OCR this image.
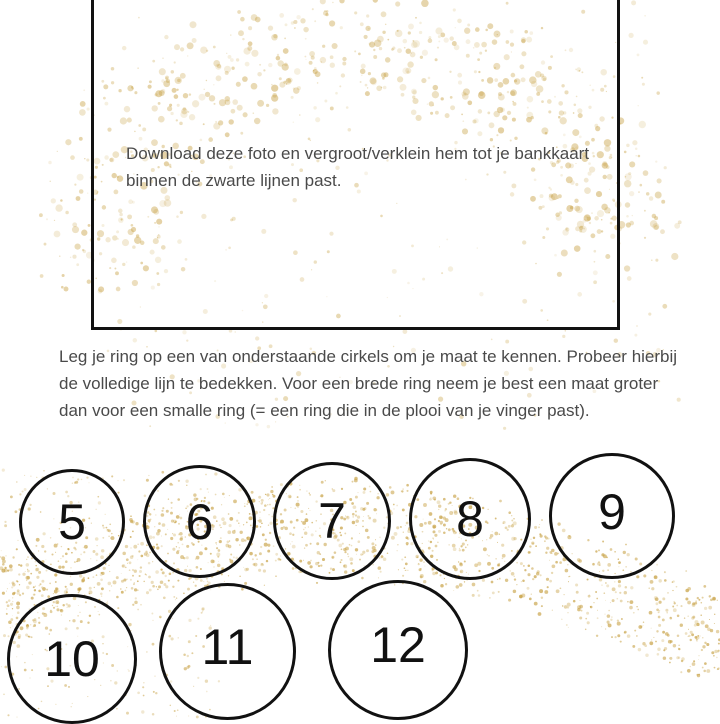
Download deze foto en vergroot/verklein hem tot je bankkaart binnen de zwarte lijnen past.

Leg je ring op een van onderstaande cirkels om je maat te kennen. Probeer hierbij de volledige lijn te bedekken. Voor een brede ring neem je best een maat groter dan voor een smalle ring (= een ring die in de plooi van je vinger past).

5 6 7 8 9
10 11 12
